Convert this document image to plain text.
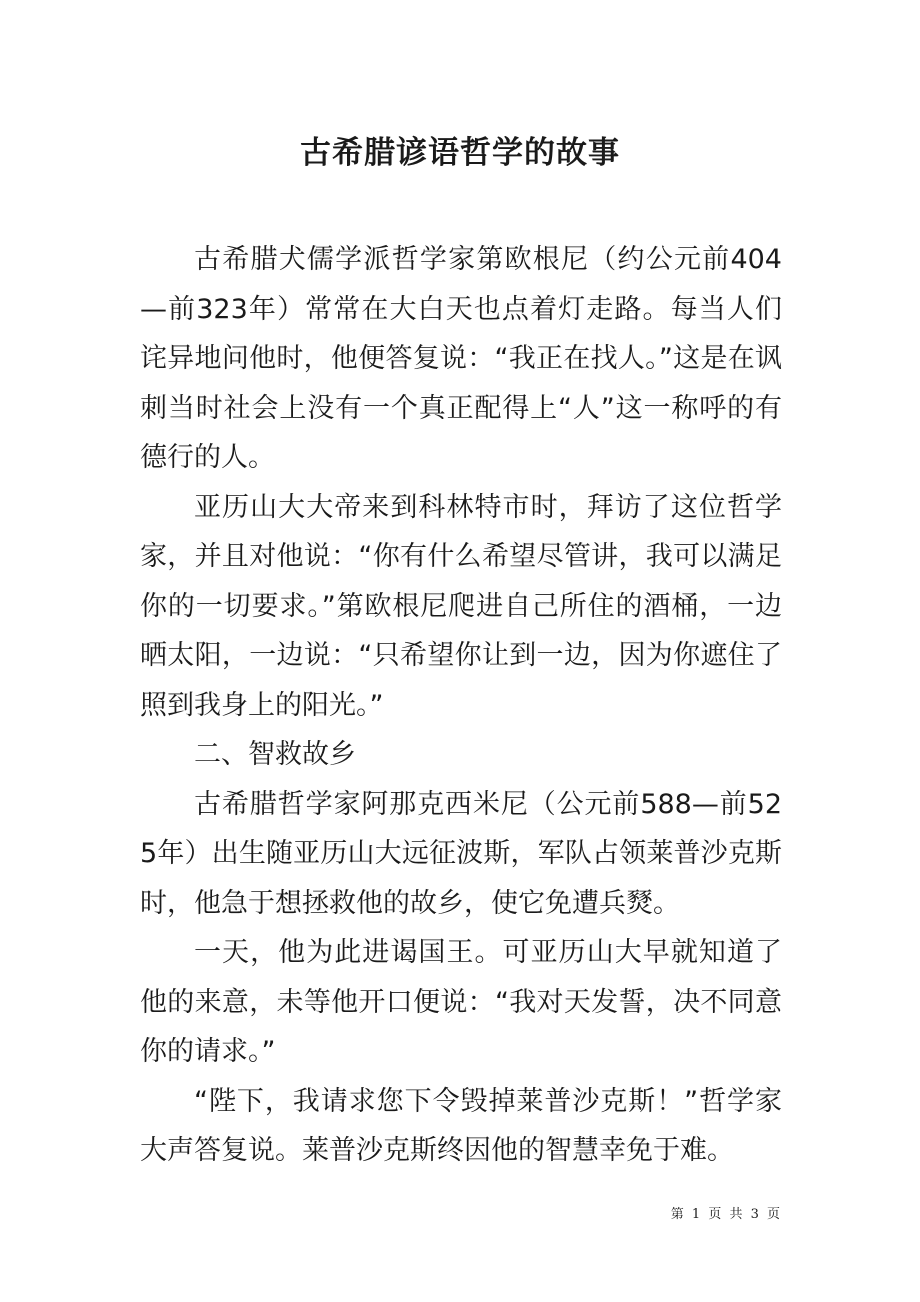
古希腊谚语哲学的故事

古希腊犬儒学派哲学家第欧根尼（约公元前404—前323年）常常在大白天也点着灯走路。每当人们诧异地问他时，他便答复说：“我正在找人。”这是在讽刺当时社会上没有一个真正配得上“人”这一称呼的有德行的人。

亚历山大大帝来到科林特市时，拜访了这位哲学家，并且对他说：“你有什么希望尽管讲，我可以满足你的一切要求。”第欧根尼爬进自己所住的酒桶，一边晒太阳，一边说：“只希望你让到一边，因为你遮住了照到我身上的阳光。”

二、智救故乡

古希腊哲学家阿那克西米尼（公元前588—前525年）出生随亚历山大远征波斯，军队占领莱普沙克斯时，他急于想拯救他的故乡，使它免遭兵燹。

一天，他为此进谒国王。可亚历山大早就知道了他的来意，未等他开口便说：“我对天发誓，决不同意你的请求。”

“陛下，我请求您下令毁掉莱普沙克斯！”哲学家大声答复说。莱普沙克斯终因他的智慧幸免于难。

第 1 页 共 3 页
